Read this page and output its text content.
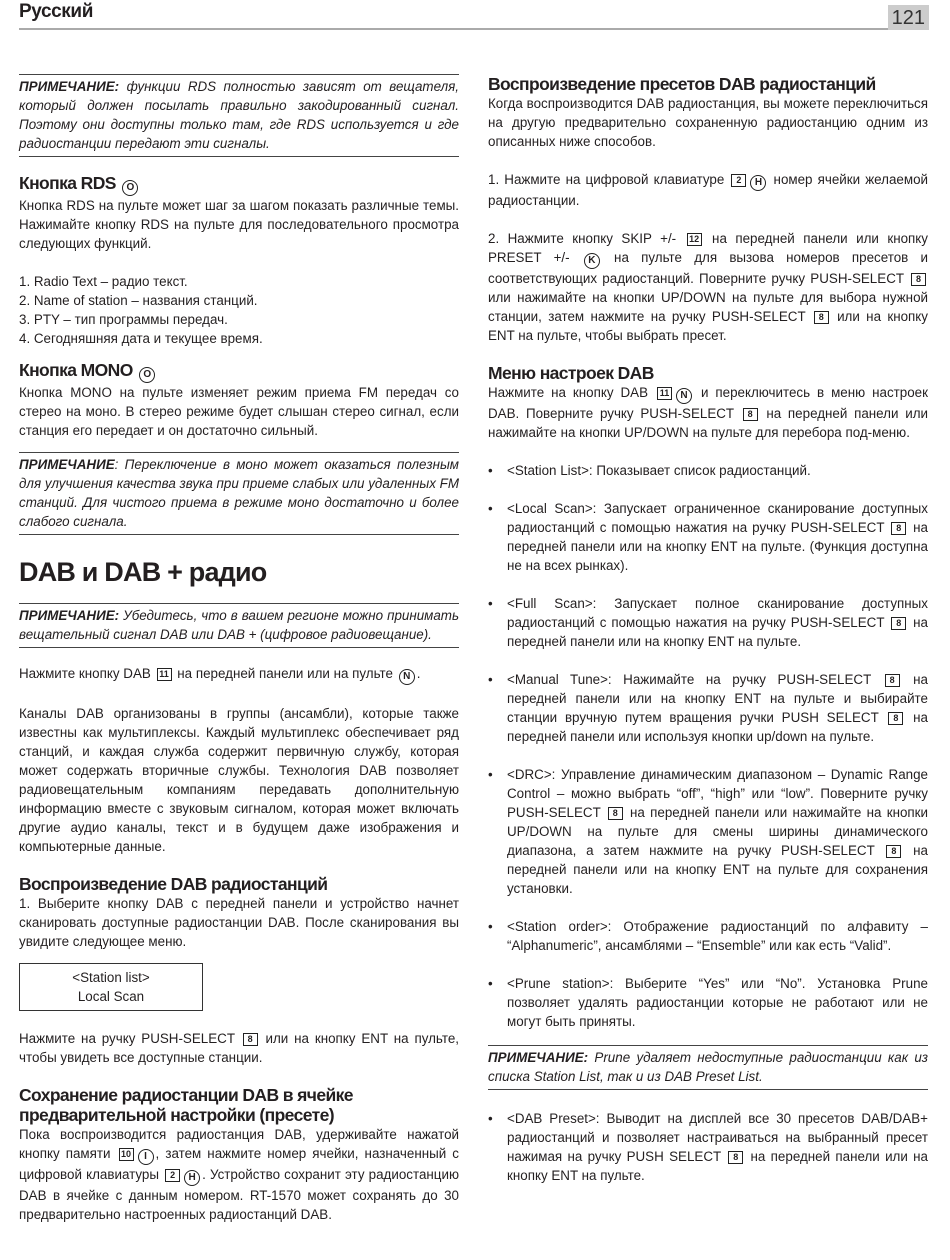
Русский	121
ПРИМЕЧАНИЕ: функции RDS полностью зависят от вещателя, который должен посылать правильно закодированный сигнал. Поэтому они доступны только там, где RDS используется и где радиостанции передают эти сигналы.
Кнопка RDS O

Кнопка RDS на пульте может шаг за шагом показать различные темы. Нажимайте кнопку RDS на пульте для последовательного просмотра следующих функций.

1. Radio Text – радио текст.

2. Name of station – названия станций.

3. PTY – тип программы передач.

4. Сегодняшняя дата и текущее время.

Кнопка MONO O

Кнопка MONO на пульте изменяет режим приема FM передач со стерео на моно. В стерео режиме будет слышан стерео сигнал, если станция его передает и он достаточно сильный.

ПРИМЕЧАНИЕ: Переключение в моно может оказаться полезным для улучшения качества звука при приеме слабых или удаленных FM станций. Для чистого приема в режиме моно достаточно и более слабого сигнала.
DAB и DAB + радио
ПРИМЕЧАНИЕ: Убедитесь, что в вашем регионе можно принимать вещательный сигнал DAB или DAB + (цифровое радиовещание).

Нажмите кнопку DAB 11 на передней панели или на пульте N .

Каналы DAB организованы в группы (ансамбли), которые также известны как мультиплексы. Каждый мультиплекс обеспечивает ряд станций, и каждая служба содержит первичную службу, которая может содержать вторичные службы. Технология DAB позволяет радиовещательным компаниям передавать дополнительную информацию вместе с звуковым сигналом, которая может включать другие аудио каналы, текст и в будущем даже изображения и компьютерные данные.

Воспроизведение DAB радиостанций

1. Выберите кнопку DAB с передней панели и устройство начнет сканировать доступные радиостанции DAB. После сканирования вы увидите следующее меню.

<Station list>
Local Scan

Нажмите на ручку PUSH-SELECT 8 или на кнопку ENT на пульте, чтобы увидеть все доступные станции.

Сохранение радиостанции DAB в ячейке предварительной настройки (пресете)

Пока воспроизводится радиостанция DAB, удерживайте нажатой кнопку памяти 10 I , затем нажмите номер ячейки, назначенный с цифровой клавиатуры 2 H . Устройство сохранит эту радиостанцию DAB в ячейке с данным номером. RT-1570 может сохранять до 30 предварительно настроенных радиостанций DAB.

Воспроизведение пресетов DAB радиостанций

Когда воспроизводится DAB радиостанция, вы можете переключиться на другую предварительно сохраненную радиостанцию одним из описанных ниже способов.

1. Нажмите на цифровой клавиатуре 2 H номер ячейки желаемой радиостанции.

2. Нажмите кнопку SKIP +/- 12 на передней панели или кнопку PRESET +/- K на пульте для вызова номеров пресетов и соответствующих радиостанций. Поверните ручку PUSH-SELECT 8 или нажимайте на кнопки UP/DOWN на пульте для выбора нужной станции, затем нажмите на ручку PUSH-SELECT 8 или на кнопку ENT на пульте, чтобы выбрать пресет.

Меню настроек DAB

Нажмите на кнопку DAB 11 N и переключитесь в меню настроек DAB. Поверните ручку PUSH-SELECT 8 на передней панели или нажимайте на кнопки UP/DOWN на пульте для перебора под-меню.

• <Station List>: Показывает список радиостанций.
• <Local Scan>: Запускает ограниченное сканирование доступных радиостанций с помощью нажатия на ручку PUSH-SELECT 8 на передней панели или на кнопку ENT на пульте. (Функция доступна не на всех рынках).
• <Full Scan>: Запускает полное сканирование доступных радиостанций с помощью нажатия на ручку PUSH-SELECT 8 на передней панели или на кнопку ENT на пульте.
• <Manual Tune>: Нажимайте на ручку PUSH-SELECT 8 на передней панели или на кнопку ENT на пульте и выбирайте станции вручную путем вращения ручки PUSH SELECT 8 на передней панели или используя кнопки up/down на пульте.
• <DRC>: Управление динамическим диапазоном – Dynamic Range Control – можно выбрать “off”, “high” или “low”. Поверните ручку PUSH-SELECT 8 на передней панели или нажимайте на кнопки UP/DOWN на пульте для смены ширины динамического диапазона, а затем нажмите на ручку PUSH-SELECT 8 на передней панели или на кнопку ENT на пульте для сохранения установки.
• <Station order>: Отображение радиостанций по алфавиту – “Alphanumeric”, ансамблями – “Ensemble” или как есть “Valid”.
• <Prune station>: Выберите “Yes” или “No”. Установка Prune позволяет удалять радиостанции которые не работают или не могут быть приняты.
ПРИМЕЧАНИЕ: Prune удаляет недоступные радиостанции как из списка Station List, так и из DAB Preset List.
• <DAB Preset>: Выводит на дисплей все 30 пресетов DAB/DAB+ радиостанций и позволяет настраиваться на выбранный пресет нажимая на ручку PUSH SELECT 8 на передней панели или на кнопку ENT на пульте.
